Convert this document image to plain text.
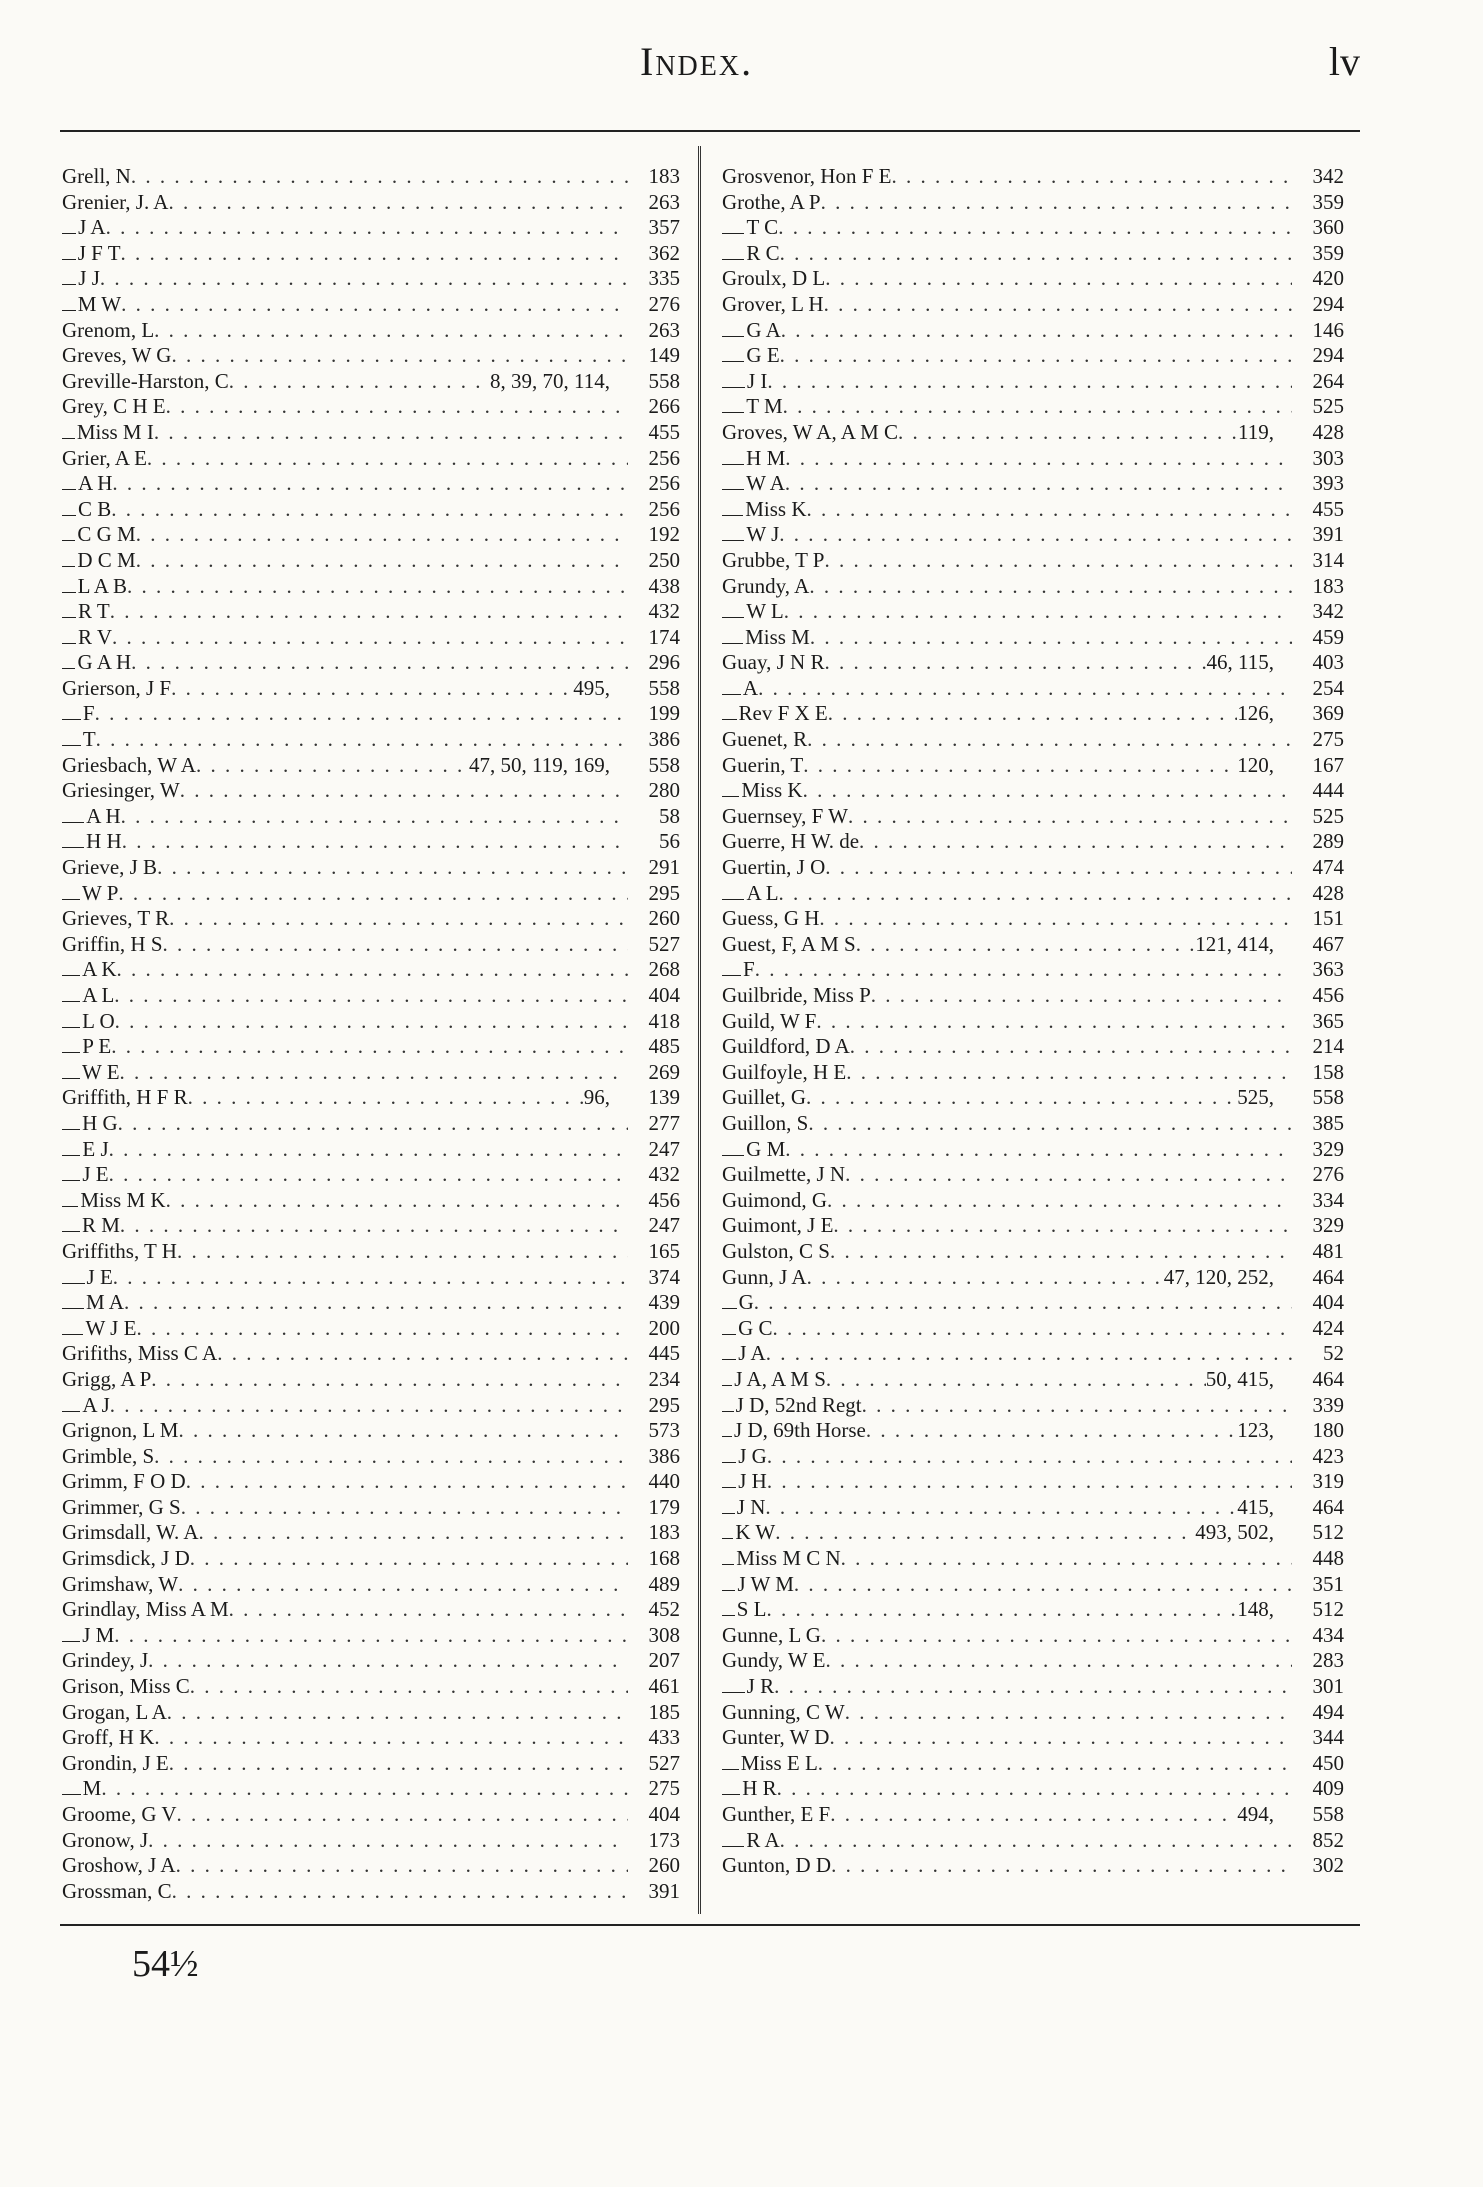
Index.	lv
Grell, N . . .	183
Grenier, J. A . . .	263
J A . . .	357
J F T . . .	362
J J . . .	335
M W . . .	276
Grenom, L . . .	263
Greves, W G . . .	149
Greville-Harston, C . . .	8, 39, 70, 114,	558
Grey, C H E . . .	266
Miss M I . . .	455
Grier, A E . . .	256
A H . . .	256
C B . . .	256
C G M . . .	192
D C M . . .	250
L A B . . .	438
R T . . .	432
R V . . .	174
G A H . . .	296
Grierson, J F . . .	495,	558
F . . .	199
T . . .	386
Griesbach, W A . . .	47, 50, 119, 169,	558
Griesinger, W . . .	280
A H . . .	58
H H . . .	56
Grieve, J B . . .	291
W P . . .	295
Grieves, T R . . .	260
Griffin, H S . . .	527
A K . . .	268
A L . . .	404
L O . . .	418
P E . . .	485
W E . . .	269
Griffith, H F R . . .	96,	139
H G . . .	277
E J . . .	247
J E . . .	432
Miss M K . . .	456
R M . . .	247
Griffiths, T H . . .	165
J E . . .	374
M A . . .	439
W J E . . .	200
Grifiths, Miss C A . . .	445
Grigg, A P . . .	234
A J . . .	295
Grignon, L M . . .	573
Grimble, S . . .	386
Grimm, F O D . . .	440
Grimmer, G S . . .	179
Grimsdall, W. A . . .	183
Grimsdick, J D . . .	168
Grimshaw, W . . .	489
Grindlay, Miss A M . . .	452
J M . . .	308
Grindey, J . . .	207
Grison, Miss C . . .	461
Grogan, L A . . .	185
Groff, H K . . .	433
Grondin, J E . . .	527
M . . .	275
Groome, G V . . .	404
Gronow, J . . .	173
Groshow, J A . . .	260
Grossman, C . . .	391
Grosvenor, Hon F E . . .	342
Grothe, A P . . .	359
T C . . .	360
R C . . .	359
Groulx, D L . . .	420
Grover, L H . . .	294
G A . . .	146
G E . . .	294
J I . . .	264
T M . . .	525
Groves, W A, A M C . . .	119,	428
H M . . .	303
W A . . .	393
Miss K . . .	455
W J . . .	391
Grubbe, T P . . .	314
Grundy, A . . .	183
W L . . .	342
Miss M . . .	459
Guay, J N R . . .	46, 115,	403
A . . .	254
Rev F X E . . .	126,	369
Guenet, R . . .	275
Guerin, T . . .	120,	167
Miss K . . .	444
Guernsey, F W . . .	525
Guerre, H W. de . . .	289
Guertin, J O . . .	474
A L . . .	428
Guess, G H . . .	151
Guest, F, A M S . . .	121, 414,	467
F . . .	363
Guilbride, Miss P . . .	456
Guild, W F . . .	365
Guildford, D A . . .	214
Guilfoyle, H E . . .	158
Guillet, G . . .	525,	558
Guillon, S . . .	385
G M . . .	329
Guilmette, J N . . .	276
Guimond, G . . .	334
Guimont, J E . . .	329
Gulston, C S . . .	481
Gunn, J A . . .	47, 120, 252,	464
G . . .	404
G C . . .	424
J A . . .	52
J A, A M S . . .	50, 415,	464
J D, 52nd Regt . . .	339
J D, 69th Horse . . .	123,	180
J G . . .	423
J H . . .	319
J N . . .	415,	464
K W . . .	493, 502,	512
Miss M C N . . .	448
J W M . . .	351
S L . . .	148,	512
Gunne, L G . . .	434
Gundy, W E . . .	283
J R . . .	301
Gunning, C W . . .	494
Gunter, W D . . .	344
Miss E L . . .	450
H R . . .	409
Gunther, E F . . .	494,	558
R A . . .	852
Gunton, D D . . .	302
54½
